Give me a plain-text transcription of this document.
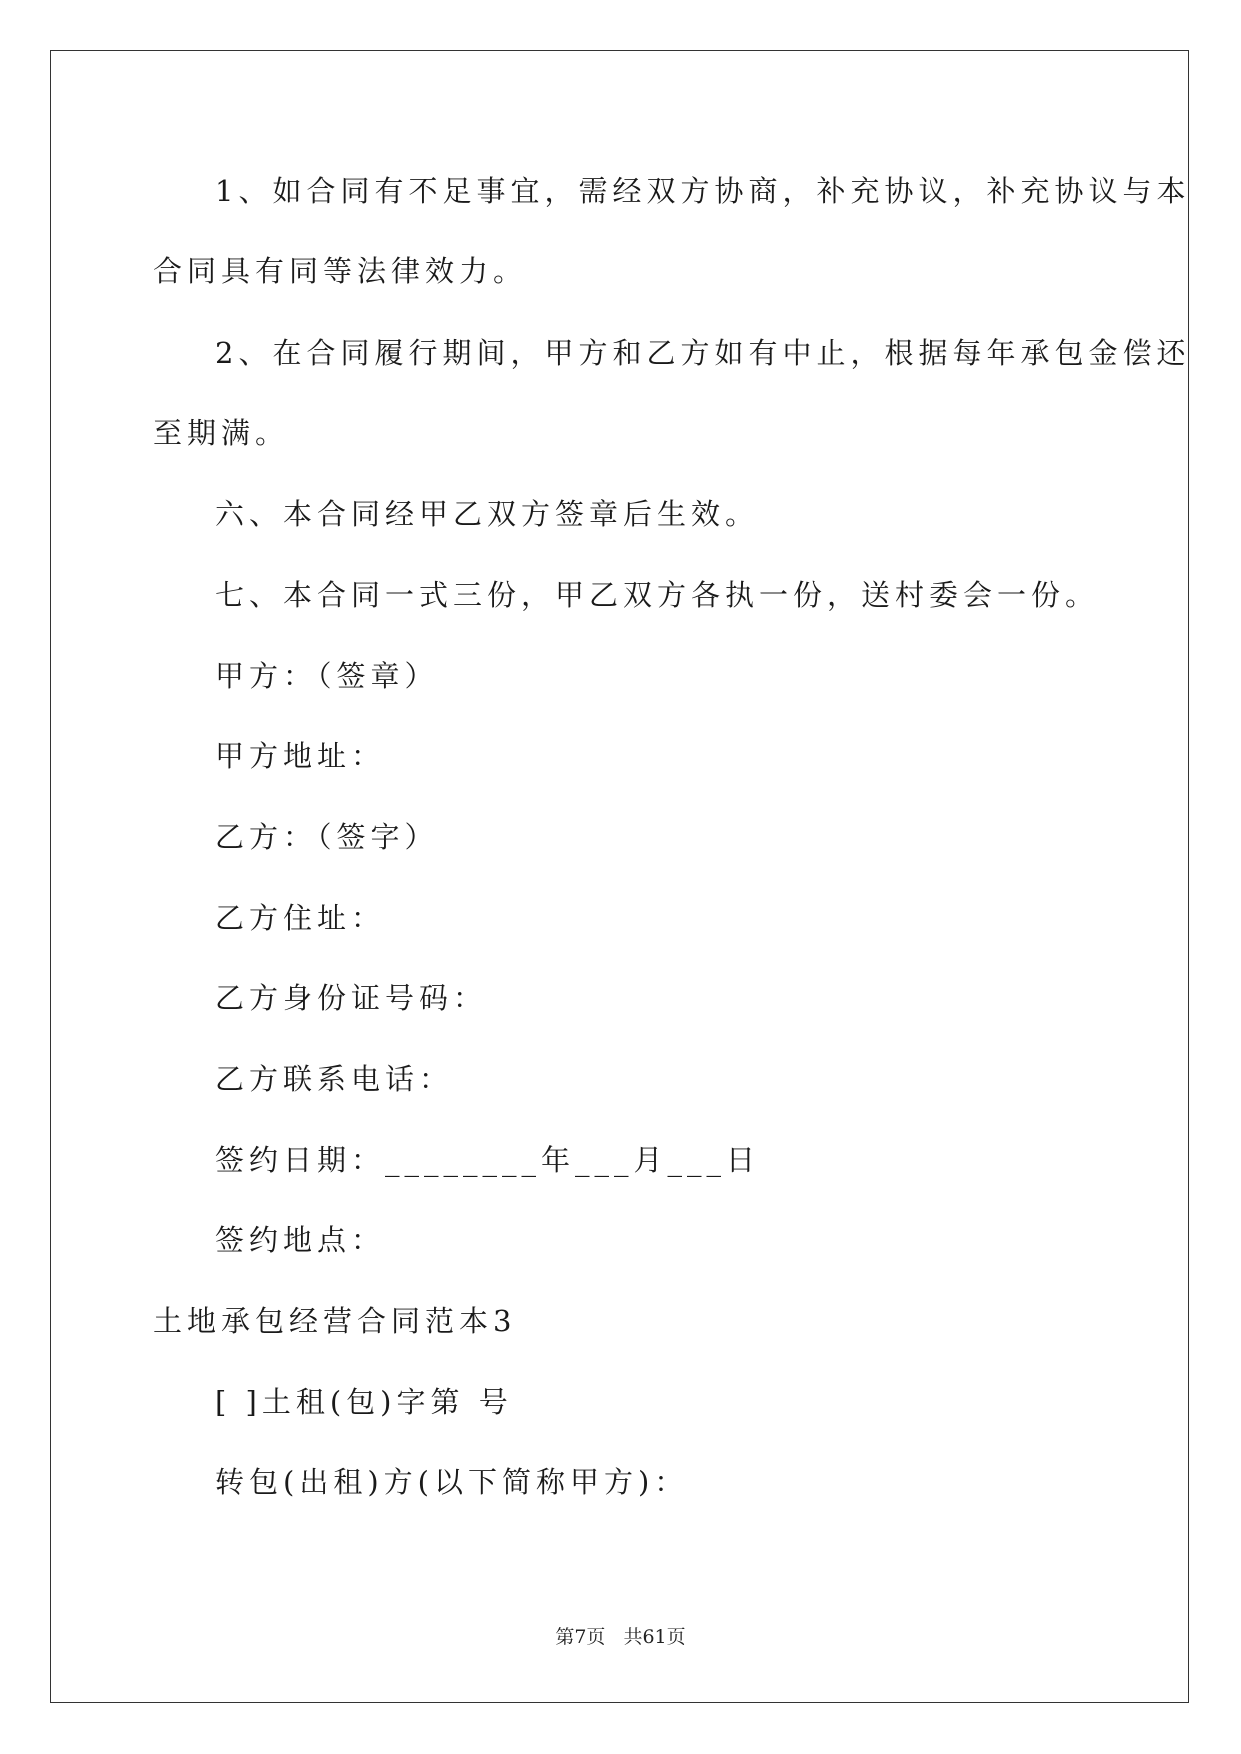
1、如合同有不足事宜，需经双方协商，补充协议，补充协议与本
合同具有同等法律效力。
2、在合同履行期间，甲方和乙方如有中止，根据每年承包金偿还
至期满。
六、本合同经甲乙双方签章后生效。
七、本合同一式三份，甲乙双方各执一份，送村委会一份。
甲方：（签章）
甲方地址：
乙方：（签字）
乙方住址：
乙方身份证号码：
乙方联系电话：
签约日期：________年___月___日
签约地点：
土地承包经营合同范本3
[ ]土租(包)字第 号
转包(出租)方(以下简称甲方)：
第7页 共61页
